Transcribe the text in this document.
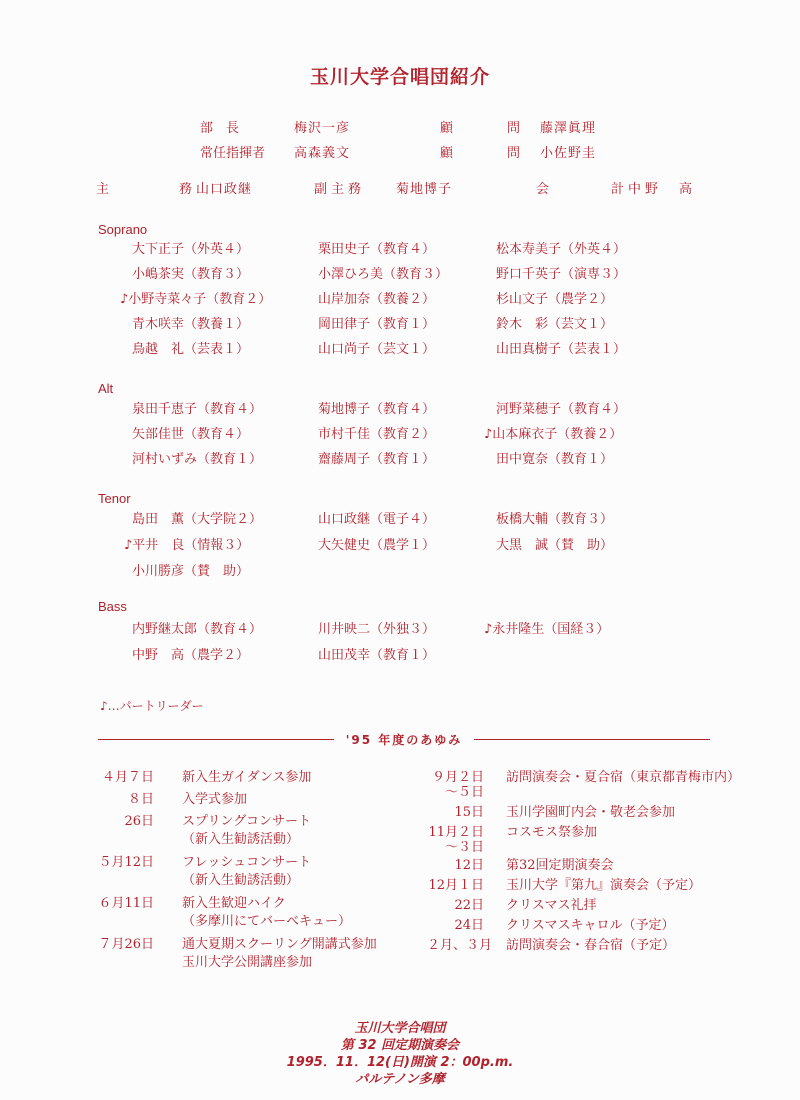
玉川大学合唱団紹介
部　長	梅沢一彦	顧　問 藤澤眞理
常任指揮者 高森義文	顧　問 小佐野圭
主　務 山口政継	副主務 菊地博子	会　計 中野　高
Soprano
大下正子（外英４）	栗田史子（教育４）	松本寿美子（外英４）
小嶋茶実（教育３）	小澤ひろ美（教育３）	野口千英子（演専３）
♪小野寺菜々子（教育２）	山岸加奈（教養２）	杉山文子（農学２）
青木咲幸（教養１）	岡田律子（教育１）	鈴木　彩（芸文１）
鳥越　礼（芸表１）	山口尚子（芸文１）	山田真樹子（芸表１）
Alt
泉田千恵子（教育４）	菊地博子（教育４）	河野菜穂子（教育４）
矢部佳世（教育４）	市村千佳（教育２）	♪山本麻衣子（教養２）
河村いずみ（教育１）	齋藤周子（教育１）	田中寛奈（教育１）
Tenor
島田　薫（大学院２）	山口政継（電子４）	板橋大輔（教育３）
♪平井　良（情報３）	大矢健史（農学１）	大黒　誠（賛　助）
小川勝彦（賛　助）
Bass
内野継太郎（教育４）	川井映二（外独３）	♪永井隆生（国経３）
中野　高（農学２）	山田茂幸（教育１）
♪…パートリーダー
'95 年度のあゆみ
４月７日 新入生ガイダンス参加
８日 入学式参加
26日 スプリングコンサート
（新入生勧誘活動）
５月12日 フレッシュコンサート
（新入生勧誘活動）
６月11日 新入生歓迎ハイク
（多摩川にてバーベキュー）
７月26日 通大夏期スクーリング開講式参加
玉川大学公開講座参加
９月２日 訪問演奏会・夏合宿（東京都青梅市内）
～５日
15日 玉川学園町内会・敬老会参加
11月２日 コスモス祭参加
～３日
12日 第32回定期演奏会
12月１日 玉川大学『第九』演奏会（予定）
22日 クリスマス礼拝
24日 クリスマスキャロル（予定）
２月、３月 訪問演奏会・春合宿（予定）
玉川大学合唱団
第 32 回定期演奏会
1995．11．12(日)開演 2：00p.m.
パルテノン多摩
